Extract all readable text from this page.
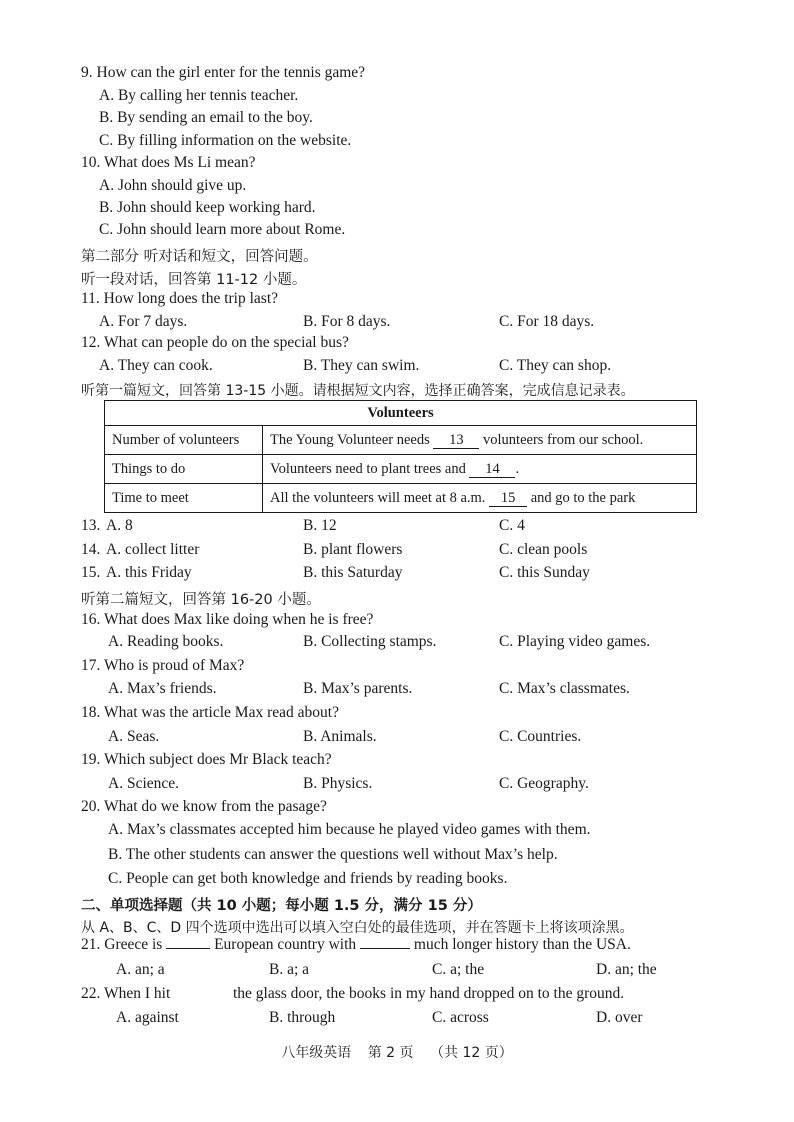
9. How can the girl enter for the tennis game?
A. By calling her tennis teacher.
B. By sending an email to the boy.
C. By filling information on the website.
10. What does Ms Li mean?
A. John should give up.
B. John should keep working hard.
C. John should learn more about Rome.
第二部分 听对话和短文，回答问题。
听一段对话，回答第 11-12 小题。
11. How long does the trip last?
A. For 7 days.	B. For 8 days.	C. For 18 days.
12. What can people do on the special bus?
A. They can cook.	B. They can swim.	C. They can shop.
听第一篇短文，回答第 13-15 小题。请根据短文内容，选择正确答案，完成信息记录表。
Volunteers	
Number of volunteers	The Young Volunteer needs 13 volunteers from our school.
Things to do	Volunteers need to plant trees and 14 .
Time to meet	All the volunteers will meet at 8 a.m. 15 and go to the park
13. A. 8	B. 12	C. 4
14. A. collect litter	B. plant flowers	C. clean pools
15. A. this Friday	B. this Saturday	C. this Sunday
听第二篇短文，回答第 16-20 小题。
16. What does Max like doing when he is free?
A. Reading books.	B. Collecting stamps.	C. Playing video games.
17. Who is proud of Max?
A. Max’s friends.	B. Max’s parents.	C. Max’s classmates.
18. What was the article Max read about?
A. Seas.	B. Animals.	C. Countries.
19. Which subject does Mr Black teach?
A. Science.	B. Physics.	C. Geography.
20. What do we know from the pasage?
A. Max’s classmates accepted him because he played video games with them.
B. The other students can answer the questions well without Max’s help.
C. People can get both knowledge and friends by reading books.
二、单项选择题（共 10 小题；每小题 1.5 分，满分 15 分）
从 A、B、C、D 四个选项中选出可以填入空白处的最佳选项，并在答题卡上将该项涂黑。
21. Greece is	European country with	much longer history than the USA.
A. an; a	B. a; a	C. a; the	D. an; the
22. When I hit	the glass door, the books in my hand dropped on to the ground.
A. against	B. through	C. across	D. over
八年级英语 第 2 页 （共 12 页）
